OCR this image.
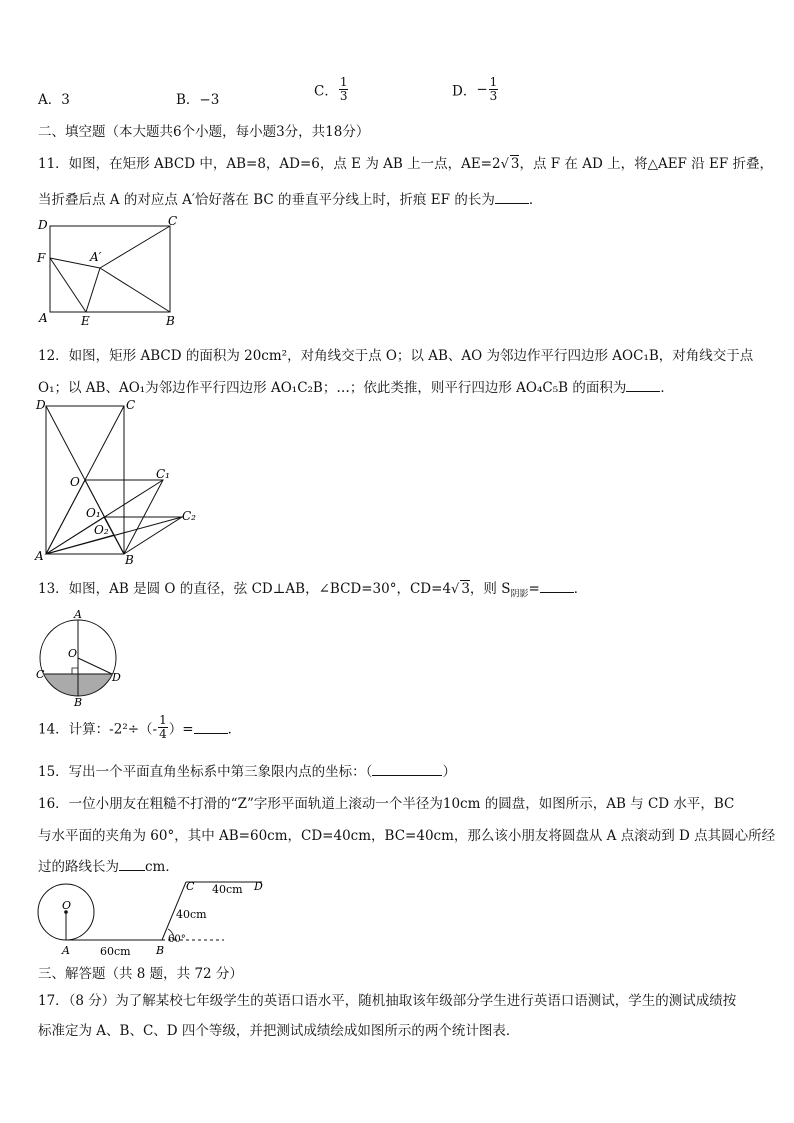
A．3	B．−3
C． $\frac{1}{3}$	D．− $\frac{1}{3}$
二、填空题（本大题共6个小题，每小题3分，共18分）
11．如图，在矩形 ABCD 中，AB=8，AD=6，点 E 为 AB 上一点，AE=2√ 3，点 F 在 AD 上，将△AEF 沿 EF 折叠，
当折叠后点 A 的对应点 A′恰好落在 BC 的垂直平分线上时，折痕 EF 的长为	．
D	C
F	A′
A	E	B
12．如图，矩形 ABCD 的面积为 20cm²，对角线交于点 O；以 AB、AO 为邻边作平行四边形 AOC₁B，对角线交于点
O₁；以 AB、AO₁为邻边作平行四边形 AO₁C₂B；…；依此类推，则平行四边形 AO₄C₅B 的面积为	．
D	C
O
C₁
O₁	C₂
O₂
A	B
13．如图，AB 是圆 O 的直径，弦 CD⊥AB，∠BCD=30°，CD=4√ 3，则 $S_{阴影}=$	．
A
O
C	D
B
14．计算：$-2^2\div(- \frac{1}{4}$ ）=	．
15．写出一个平面直角坐标系中第三象限内点的坐标：（	）
16．一位小朋友在粗糙不打滑的“Z”字形平面轨道上滚动一个半径为10cm 的圆盘，如图所示，AB 与 CD 水平，BC
与水平面的夹角为 60°，其中 AB=60cm，CD=40cm，BC=40cm，那么该小朋友将圆盘从 A 点滚动到 D 点其圆心所经
过的路线长为 cm．
O
A	B
C	D
60cm
40cm
40cm
60°
三、解答题（共 8 题，共 72 分）
17．（8 分）为了解某校七年级学生的英语口语水平，随机抽取该年级部分学生进行英语口语测试，学生的测试成绩按
标准定为 A、B、C、D 四个等级，并把测试成绩绘成如图所示的两个统计图表．
